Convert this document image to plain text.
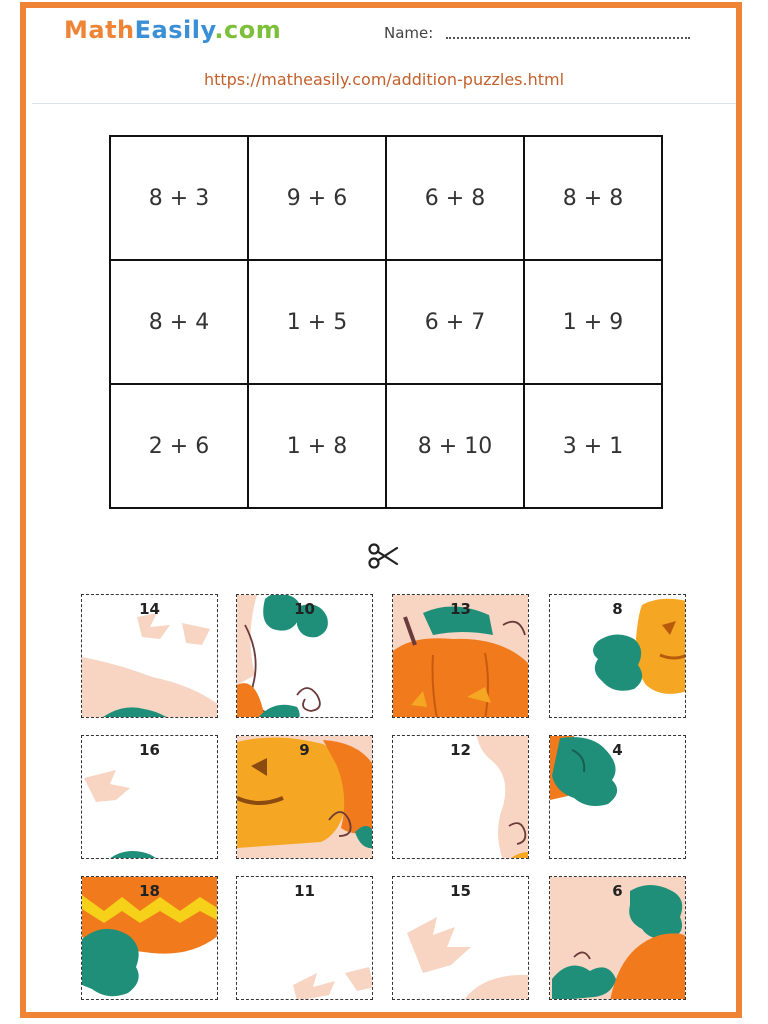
MathEasily.com	Name:
https://matheasily.com/addition-puzzles.html
8 + 3	9 + 6	6 + 8	8 + 8
8 + 4	1 + 5	6 + 7	1 + 9
2 + 6	1 + 8	8 + 10	3 + 1
14	10	13	8
16	9	12	4
18	11	15	6
